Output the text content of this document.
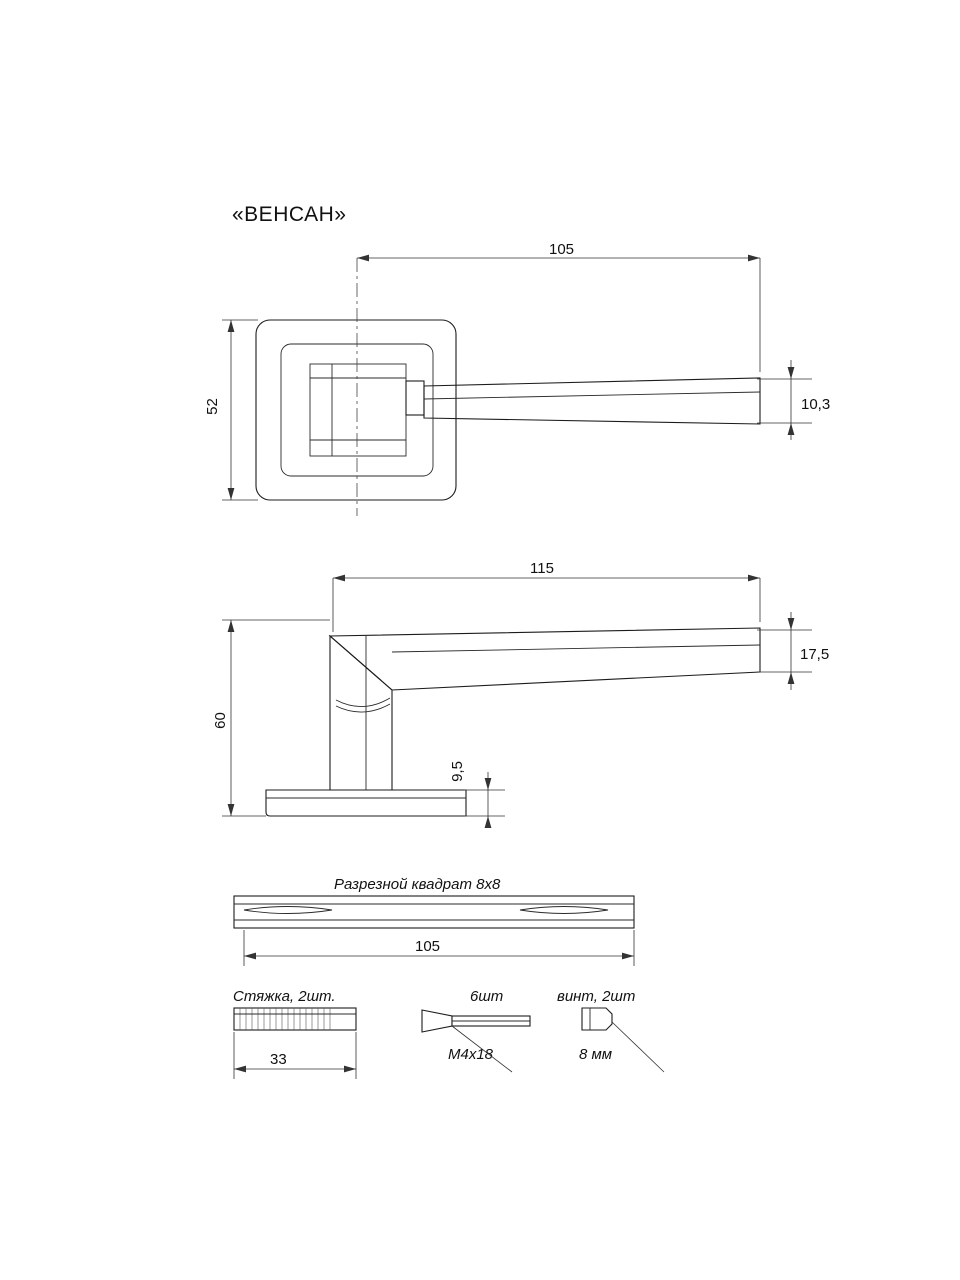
«ВЕНСАН»
105
52	10,3
115
60
17,5
9,5
Разрезной квадрат 8х8
105
Стяжка, 2шт.
33
6шт
М4х18
винт, 2шт
8 мм
